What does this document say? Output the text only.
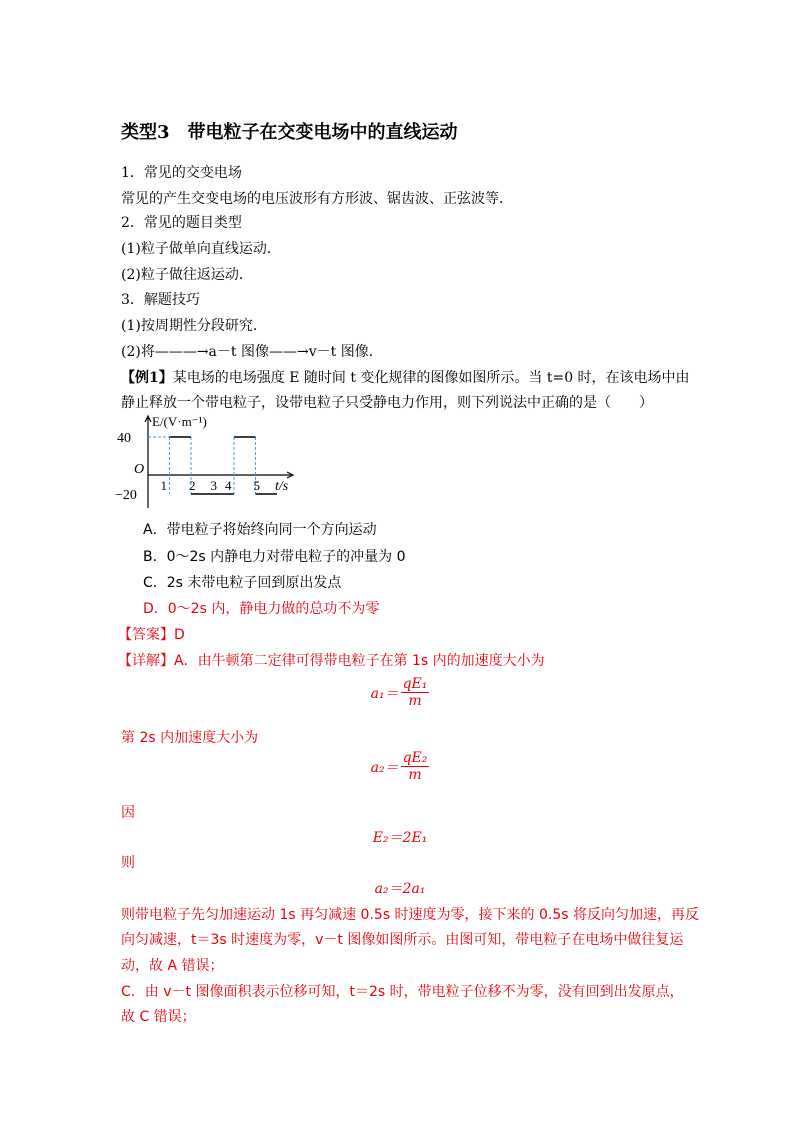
类型3　带电粒子在交变电场中的直线运动
1．常见的交变电场
常见的产生交变电场的电压波形有方形波、锯齿波、正弦波等．
2．常见的题目类型
(1)粒子做单向直线运动．
(2)粒子做往返运动．
3．解题技巧
(1)按周期性分段研究．
(2)将———→a－t 图像——→v－t 图像．
【例1】某电场的电场强度 E 随时间 t 变化规律的图像如图所示。当 t=0 时，在该电场中由
静止释放一个带电粒子，设带电粒子只受静电力作用，则下列说法中正确的是（　　）
40
−20
O
E/(V·m⁻¹)
t/s
1 2 3 4 5
A．带电粒子将始终向同一个方向运动
B．0～2s 内静电力对带电粒子的冲量为 0
C．2s 末带电粒子回到原出发点
D．0～2s 内，静电力做的总功不为零
【答案】D
【详解】A．由牛顿第二定律可得带电粒子在第 1s 内的加速度大小为
$a_1= \frac{\text{qE₁}}{m}$
第 2s 内加速度大小为
$a_2= \frac{\text{qE₂}}{m}$
因
E₂＝2E₁
则
a₂＝2a₁
则带电粒子先匀加速运动 1s 再匀减速 0.5s 时速度为零，接下来的 0.5s 将反向匀加速，再反
向匀减速，t＝3s 时速度为零，v－t 图像如图所示。由图可知，带电粒子在电场中做往复运
动，故 A 错误；
C．由 v－t 图像面积表示位移可知，t＝2s 时，带电粒子位移不为零，没有回到出发原点，
故 C 错误；
